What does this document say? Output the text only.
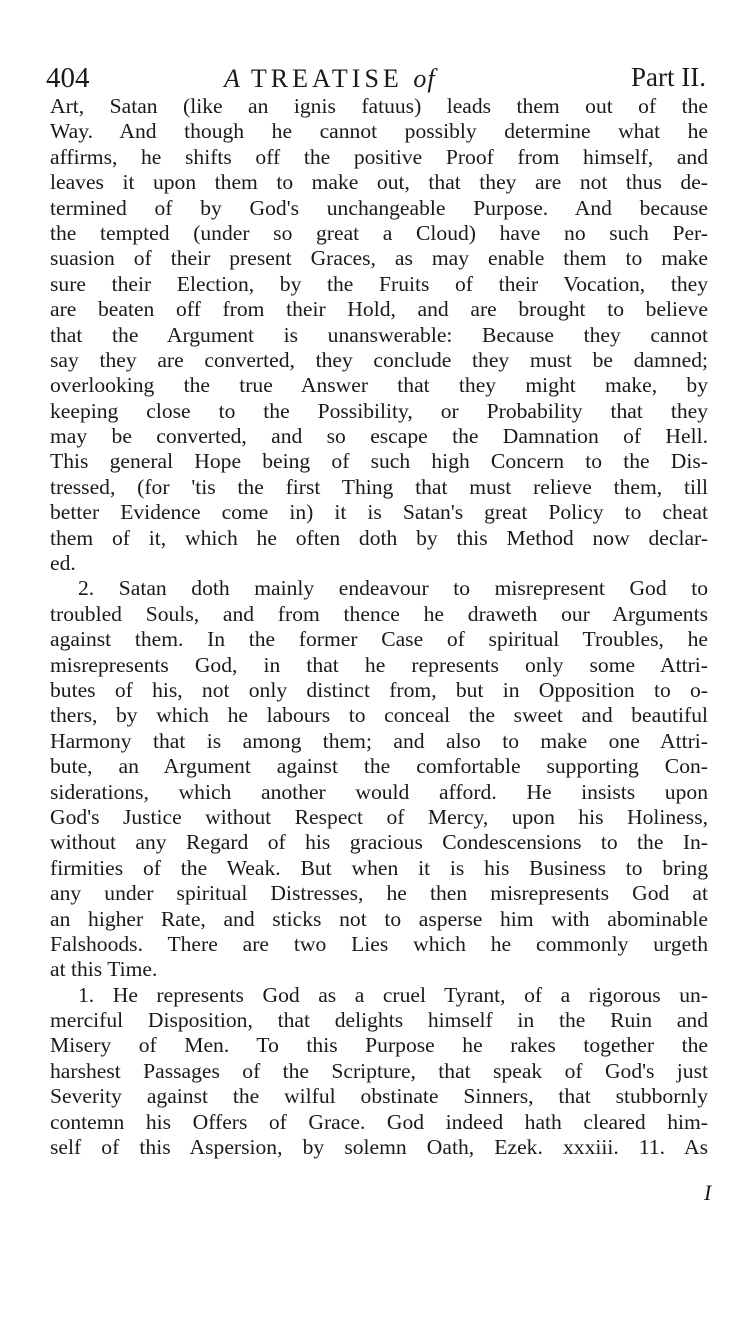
404	A TREATISE of	Part II.
Art, Satan (like an ignis fatuus) leads them out of the
Way. And though he cannot possibly determine what he
affirms, he shifts off the positive Proof from himself, and
leaves it upon them to make out, that they are not thus de-
termined of by God's unchangeable Purpose. And because
the tempted (under so great a Cloud) have no such Per-
suasion of their present Graces, as may enable them to make
sure their Election, by the Fruits of their Vocation, they
are beaten off from their Hold, and are brought to believe
that the Argument is unanswerable: Because they cannot
say they are converted, they conclude they must be damned;
overlooking the true Answer that they might make, by
keeping close to the Possibility, or Probability that they
may be converted, and so escape the Damnation of Hell.
This general Hope being of such high Concern to the Dis-
tressed, (for 'tis the first Thing that must relieve them, till
better Evidence come in) it is Satan's great Policy to cheat
them of it, which he often doth by this Method now declar-
ed.
2. Satan doth mainly endeavour to misrepresent God to
troubled Souls, and from thence he draweth our Arguments
against them. In the former Case of spiritual Troubles, he
misrepresents God, in that he represents only some Attri-
butes of his, not only distinct from, but in Opposition to o-
thers, by which he labours to conceal the sweet and beautiful
Harmony that is among them; and also to make one Attri-
bute, an Argument against the comfortable supporting Con-
siderations, which another would afford. He insists upon
God's Justice without Respect of Mercy, upon his Holiness,
without any Regard of his gracious Condescensions to the In-
firmities of the Weak. But when it is his Business to bring
any under spiritual Distresses, he then misrepresents God at
an higher Rate, and sticks not to asperse him with abominable
Falshoods. There are two Lies which he commonly urgeth
at this Time.
1. He represents God as a cruel Tyrant, of a rigorous un-
merciful Disposition, that delights himself in the Ruin and
Misery of Men. To this Purpose he rakes together the
harshest Passages of the Scripture, that speak of God's just
Severity against the wilful obstinate Sinners, that stubbornly
contemn his Offers of Grace. God indeed hath cleared him-
self of this Aspersion, by solemn Oath, Ezek. xxxiii. 11. As
I
